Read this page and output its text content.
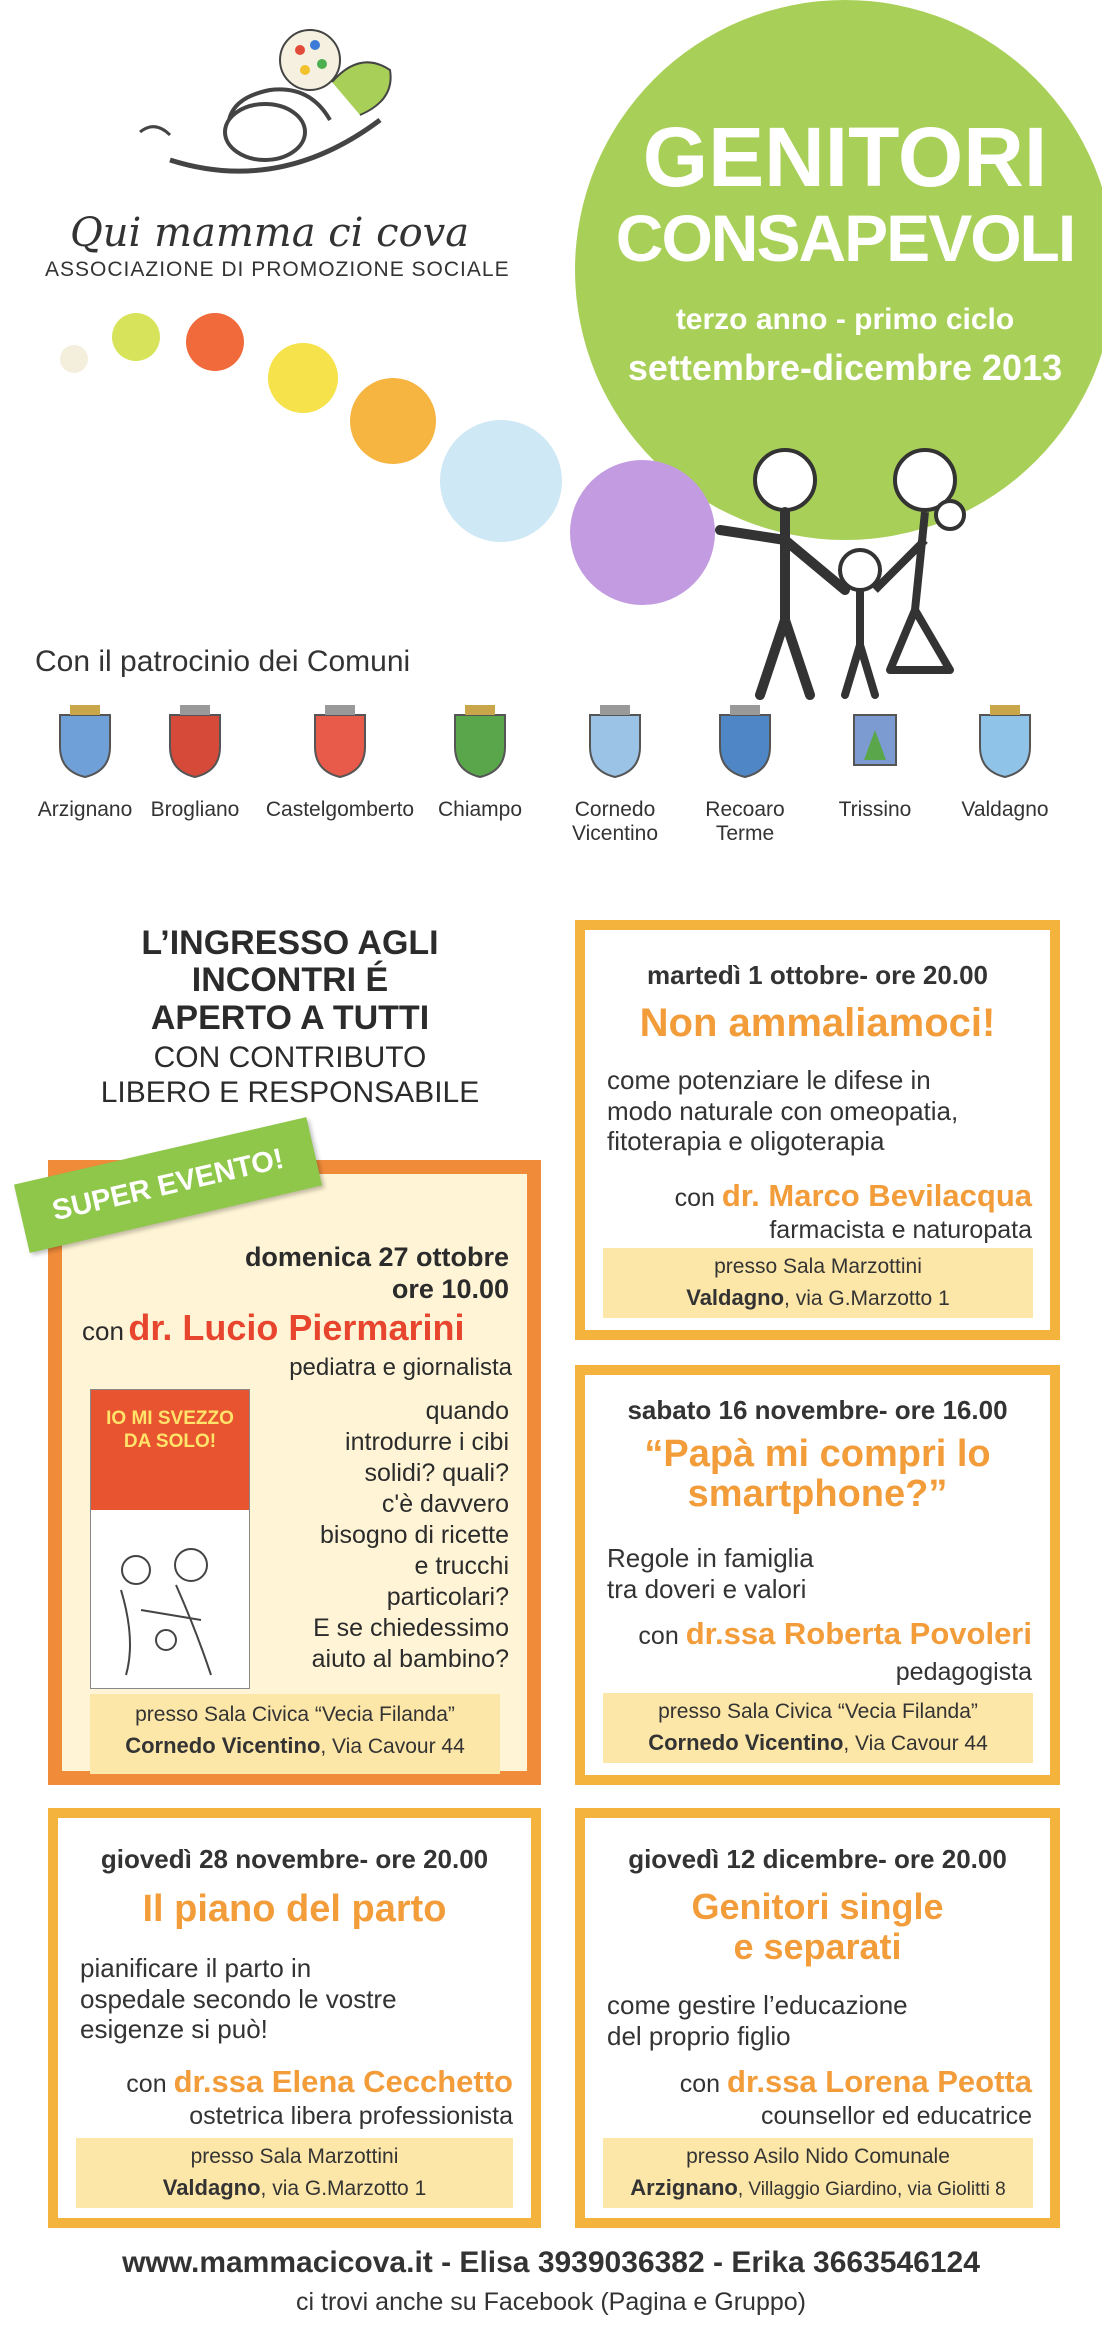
Qui mamma ci cova
ASSOCIAZIONE DI PROMOZIONE SOCIALE
GENITORI
CONSAPEVOLI
terzo anno - primo ciclo
settembre-dicembre 2013
Con il patrocinio dei Comuni
Arzignano Brogliano	Castelgomberto	Chiampo	Cornedo Vicentino
Recoaro Terme
Trissino	Valdagno
L’INGRESSO AGLI
INCONTRI É
APERTO A TUTTI
CON CONTRIBUTO
LIBERO E RESPONSABILE
domenica 27 ottobre
ore 10.00
con dr. Lucio Piermarini
pediatra e giornalista
IO MI SVEZZO DA SOLO!
quando
introdurre i cibi
solidi? quali?
c'è davvero
bisogno di ricette
e trucchi
particolari?
E se chiedessimo
aiuto al bambino?
presso Sala Civica “Vecia Filanda”
Cornedo Vicentino, Via Cavour 44
SUPER EVENTO!
martedì 1 ottobre- ore 20.00
Non ammaliamoci!
come potenziare le difese in
modo naturale con omeopatia,
fitoterapia e oligoterapia
con dr. Marco Bevilacqua
farmacista e naturopata
presso Sala Marzottini
Valdagno, via G.Marzotto 1
sabato 16 novembre- ore 16.00
“Papà mi compri lo
smartphone?”
Regole in famiglia
tra doveri e valori
con dr.ssa Roberta Povoleri
pedagogista
presso Sala Civica “Vecia Filanda”
Cornedo Vicentino, Via Cavour 44
giovedì 28 novembre- ore 20.00
Il piano del parto
pianificare il parto in
ospedale secondo le vostre
esigenze si può!
con dr.ssa Elena Cecchetto
ostetrica libera professionista
presso Sala Marzottini
Valdagno, via G.Marzotto 1
giovedì 12 dicembre- ore 20.00
Genitori single
e separati
come gestire l’educazione
del proprio figlio
con dr.ssa Lorena Peotta
counsellor ed educatrice
presso Asilo Nido Comunale
Arzignano, Villaggio Giardino, via Giolitti 8
www.mammacicova.it - Elisa 3939036382 - Erika 3663546124
ci trovi anche su Facebook (Pagina e Gruppo)
